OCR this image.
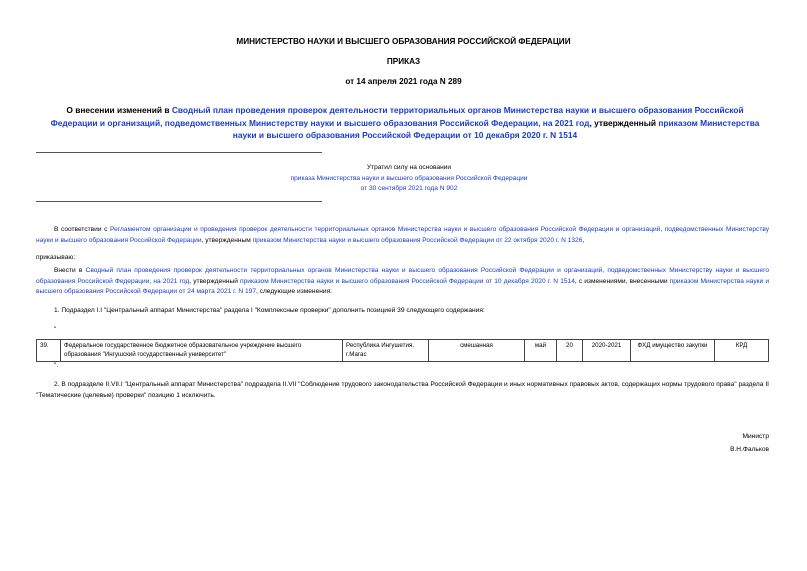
МИНИСТЕРСТВО НАУКИ И ВЫСШЕГО ОБРАЗОВАНИЯ РОССИЙСКОЙ ФЕДЕРАЦИИ
ПРИКАЗ
от 14 апреля 2021 года N 289
О внесении изменений в Сводный план проведения проверок деятельности территориальных органов Министерства науки и высшего образования Российской Федерации и организаций, подведомственных Министерству науки и высшего образования Российской Федерации, на 2021 год, утвержденный приказом Министерства науки и высшего образования Российской Федерации от 10 декабря 2020 г. N 1514
Утратил силу на основании
приказа Министерства науки и высшего образования Российской Федерации
от 30 сентября 2021 года N 902
В соответствии с Регламентом организации и проведения проверок деятельности территориальных органов Министерства науки и высшего образования Российской Федерации и организаций, подведомственных Министерству науки и высшего образования Российской Федерации, утвержденным приказом Министерства науки и высшего образования Российской Федерации от 22 октября 2020 г. N 1326,
приказываю:
Внести в Сводный план проведения проверок деятельности территориальных органов Министерства науки и высшего образования Российской Федерации и организаций, подведомственных Министерству науки и высшего образования Российской Федерации, на 2021 год, утвержденный приказом Министерства науки и высшего образования Российской Федерации от 10 декабря 2020 г. N 1514, с изменениями, внесенными приказом Министерства науки и высшего образования Российской Федерации от 24 марта 2021 г. N 197, следующие изменения:
1. Подраздел I.I "Центральный аппарат Министерства" раздела I "Комплексные проверки" дополнить позицией 39 следующего содержания:
"
39.	Федеральное государственное бюджетное образовательное учреждение высшего образования "Ингушский государственный университет"	Республика Ингушетия, г.Магас	смешанная	май	20	2020-2021	ФХД имущество закупки	КРД
".
2. В подразделе II.VII.I "Центральный аппарат Министерства" подраздела II.VII "Соблюдение трудового законодательства Российской Федерации и иных нормативных правовых актов, содержащих нормы трудового права" раздела II "Тематические (целевые) проверки" позицию 1 исключить.
Министр
В.Н.Фальков
